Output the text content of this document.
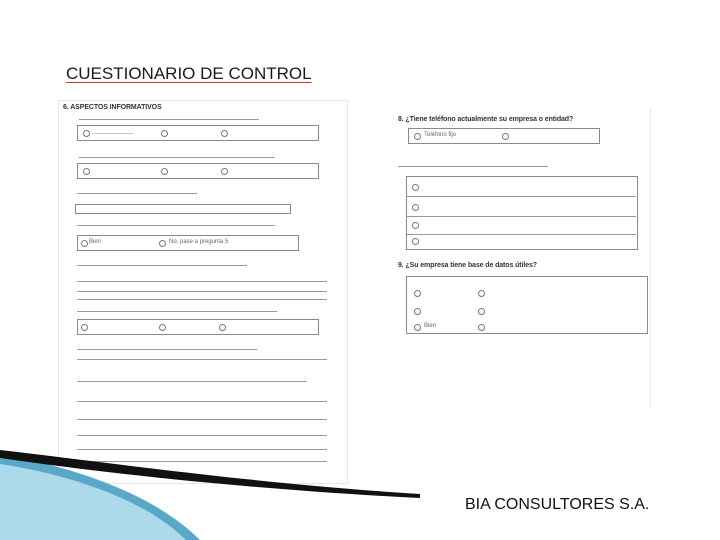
CUESTIONARIO DE CONTROL
6. ASPECTOS INFORMATIVOS
Bien	No, pase a pregunta 5
8. ¿Tiene teléfono actualmente su empresa o entidad?
Teléfono fijo
9. ¿Su empresa tiene base de datos útiles?
Bien
BIA CONSULTORES S.A.
